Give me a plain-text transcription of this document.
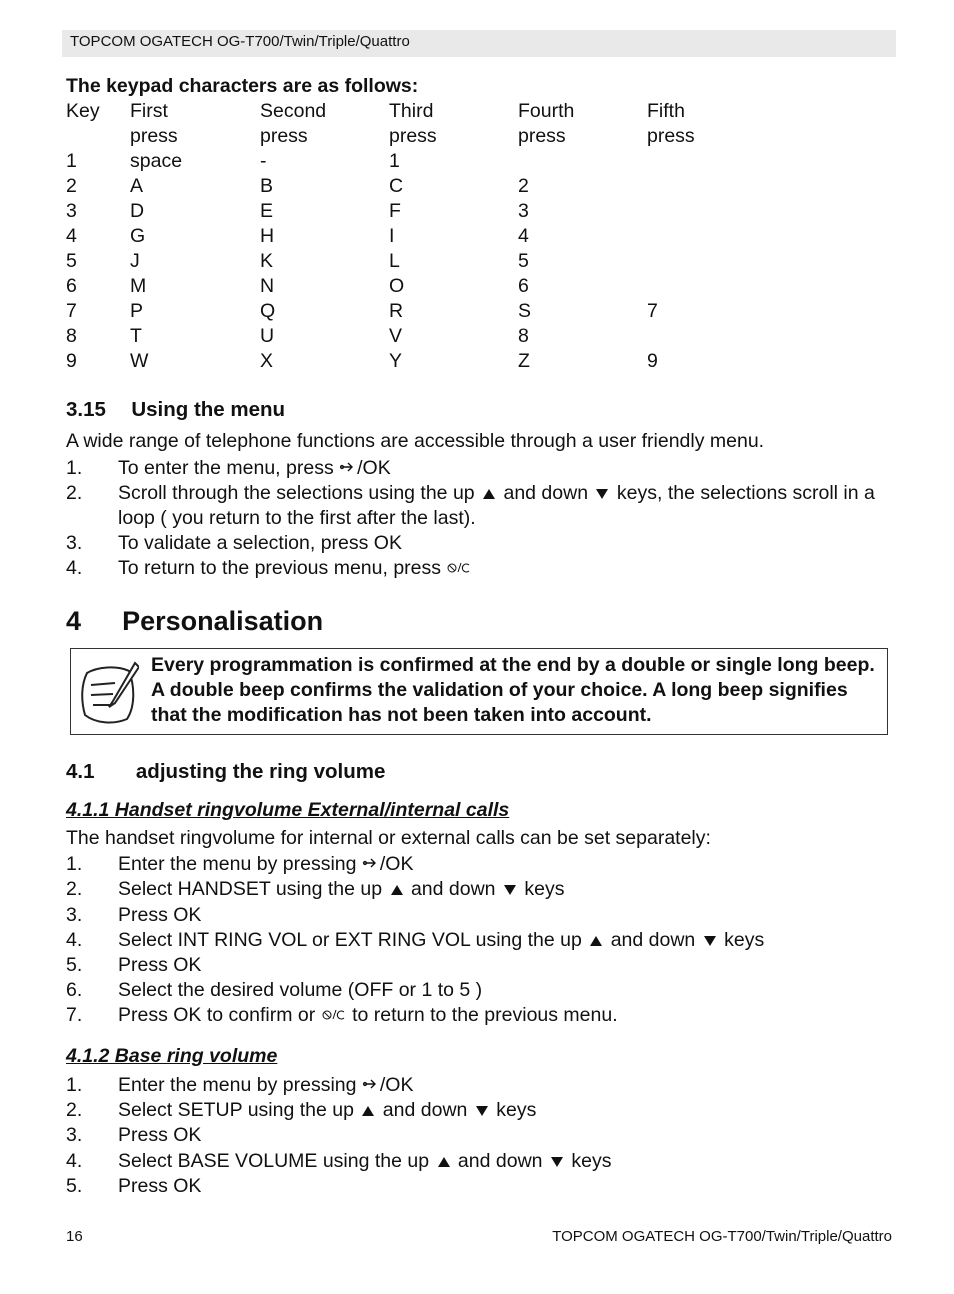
TOPCOM OGATECH OG-T700/Twin/Triple/Quattro
The keypad characters are as follows:
Key	First	Second	Third	Fourth	Fifth
	press	press	press	press	press
1	space	-	1		
2	A	B	C	2	
3	D	E	F	3	
4	G	H	I	4	
5	J	K	L	5	
6	M	N	O	6	
7	P	Q	R	S	7
8	T	U	V	8	
9	W	X	Y	Z	9
3.15 Using the menu
A wide range of telephone functions are accessible through a user friendly menu.
1. To enter the menu, press /OK
2. Scroll through the selections using the up and down keys, the selections scroll in a loop ( you return to the first after the last).
3. To validate a selection, press OK
4. To return to the previous menu, press
4 Personalisation
Every programmation is confirmed at the end by a double or single long beep. A double beep confirms the validation of your choice. A long beep signifies that the modification has not been taken into account.
4.1 adjusting the ring volume
4.1.1 Handset ringvolume External/internal calls
The handset ringvolume for internal or external calls can be set separately:
1. Enter the menu by pressing /OK
2. Select HANDSET using the up and down keys
3. Press OK
4. Select INT RING VOL or EXT RING VOL using the up and down keys
5. Press OK
6. Select the desired volume (OFF or 1 to 5 )
7. Press OK to confirm or to return to the previous menu.
4.1.2 Base ring volume
1. Enter the menu by pressing /OK
2. Select SETUP using the up and down keys
3. Press OK
4. Select BASE VOLUME using the up and down keys
5. Press OK
16	TOPCOM OGATECH OG-T700/Twin/Triple/Quattro
